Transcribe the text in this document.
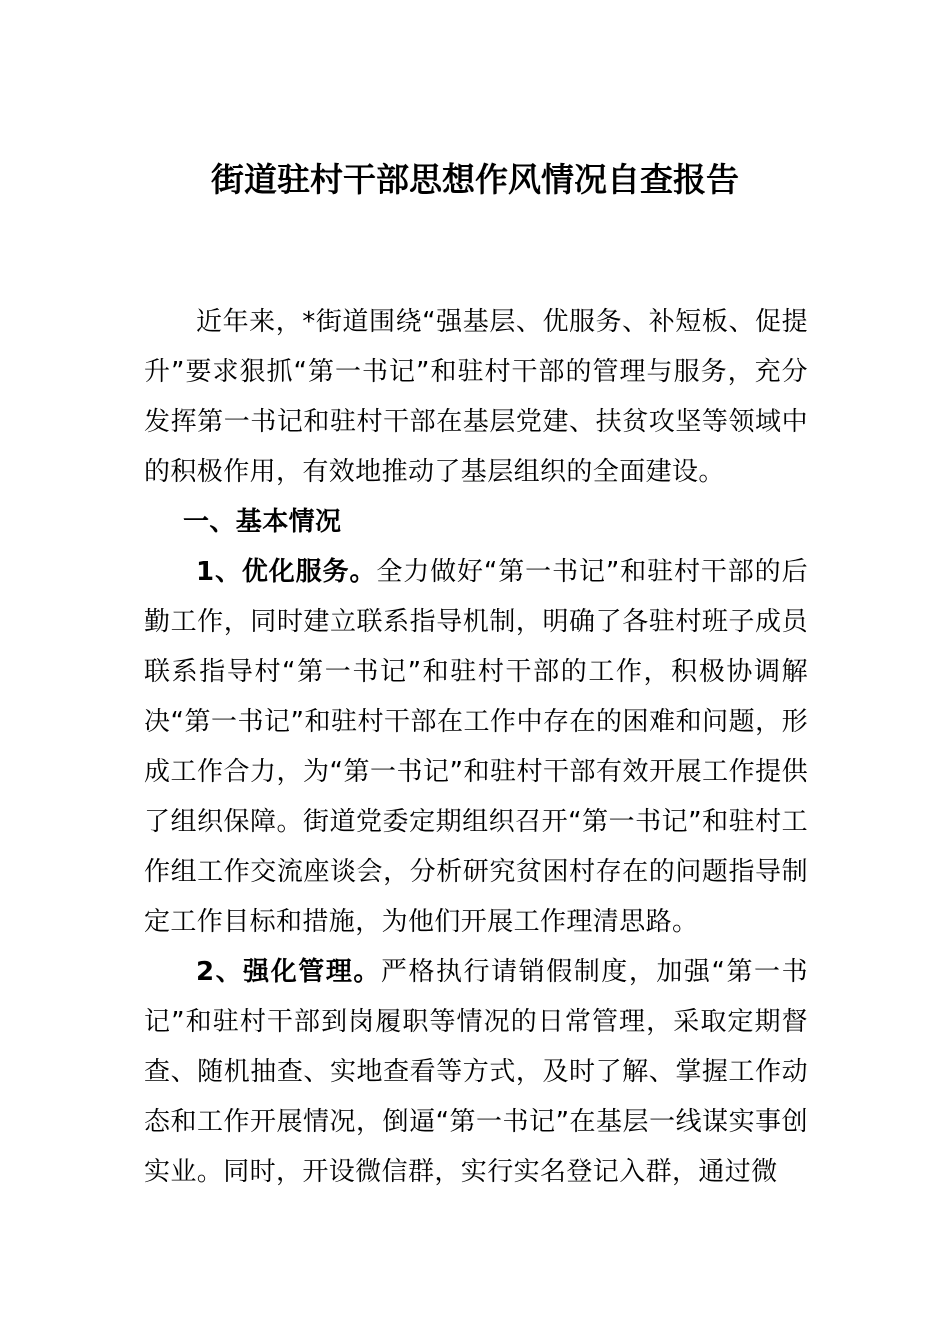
街道驻村干部思想作风情况自查报告

近年来，*街道围绕“强基层、优服务、补短板、促提升”要求狠抓“第一书记”和驻村干部的管理与服务，充分发挥第一书记和驻村干部在基层党建、扶贫攻坚等领域中的积极作用，有效地推动了基层组织的全面建设。

一、基本情况

1、优化服务。全力做好“第一书记”和驻村干部的后勤工作，同时建立联系指导机制，明确了各驻村班子成员联系指导村“第一书记”和驻村干部的工作，积极协调解决“第一书记”和驻村干部在工作中存在的困难和问题，形成工作合力，为“第一书记”和驻村干部有效开展工作提供了组织保障。街道党委定期组织召开“第一书记”和驻村工作组工作交流座谈会，分析研究贫困村存在的问题指导制定工作目标和措施，为他们开展工作理清思路。

2、强化管理。严格执行请销假制度，加强“第一书记”和驻村干部到岗履职等情况的日常管理，采取定期督查、随机抽查、实地查看等方式，及时了解、掌握工作动态和工作开展情况，倒逼“第一书记”在基层一线谋实事创实业。同时，开设微信群，实行实名登记入群，通过微
